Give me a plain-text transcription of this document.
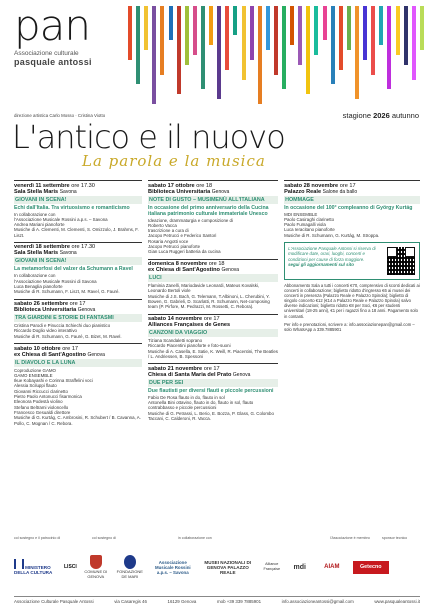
pan
Associazione culturale
pasquale antossi
direzione artistica Carlo Mosso · Cristina Viotto	stagione 2026 autunno
L'antico e il nuovo
La parola e la musica
venerdì 11 settembre ore 17.30
Sala Stella Maris Savona
GIOVANI IN SCENA!
Echi dall'Italia. Tra virtuosismo e romanticismo
In collaborazione con
l'Associazione Musicale Rossini a.p.s. – Savona
Andrea Mariani pianoforte
Musiche di A. Clementi, M. Clementi, S. Omizzolo, J. Brahms, F. Liszt.
venerdì 18 settembre ore 17.30
Sala Stella Maris Savona
GIOVANI IN SCENA!
La metamorfosi del valzer da Schumann a Ravel
In collaborazione con
l'Associazione Musicale Rossini di Savona
Luca Benaglia pianoforte
Musiche di R. Schumann, F. Liszt, M. Ravel, G. Fauré.
sabato 26 settembre ore 17
Biblioteca Universitaria Genova
TRA GIARDINI E STORIE DI FANTASMI
Cristina Parodi e Pinuccia Schiechi duo pianistico
Riccardo Doglio video interattivo
Musiche di R. Schumann, G. Fauré, G. Bizet, M. Ravel.
sabato 10 ottobre ore 17
ex Chiesa di Sant'Agostino Genova
IL DIAVOLO E LA LUNA
Coproduzione GAMO
GAMO ENSEMBLE
Ikue Kobayashi e Corinna Straffelini voci
Alessia Sciluppi flauto
Giovanni Riccucci clarinetto
Pietro Paolo Antonucci fisarmonica
Eleonora Podestà violino
Stefano Beltrami violoncello
Francesco Gesualdi direttore
Musiche di G. Kurtág, C. Ambrosini, R. Schubert / B. Cavanna, A. Pollo, C. Mognan / C. Rebora.
sabato 17 ottobre ore 18
Biblioteca Universitaria Genova
NOTE DI GUSTO – MUSIMENÙ ALL'ITALIANA
In occasione del primo anniversario della Cucina italiana patrimonio culturale immateriale Unesco
Ideazione, drammaturgia e composizione di
Roberto Vacca
trascrizione a cura di
Jacopo Petrucci e Federico Santori
Rosaria Angotti voce
Jacopo Petrucci pianoforte
Gian Luca Ruggeri batteria da cucina
domenica 8 novembre ore 18
ex Chiesa di Sant'Agostino Genova
LUCI
Flaminia Zanelli, Mariodavide Leonardi, Mateus Kovalski, Leonardo Bertoli viole
Musiche di J.S. Bach, G. Telemann, T.Albinoni, L. Cherubini, Y. Bowen, G. Gabrieli, D. Scarlatti, R. Schumann, Net-composing team (P. Pirfore, M. Pedrazzi, M. Rossetti, C. Rebora).
sabato 14 novembre ore 17
Alliances Françaises de Genes
CANZONI DA VIAGGIO
Tiziana Scandaletti soprano
Riccardo Piacentini pianoforte e foto-suoni
Musiche di A. Casella, E. Satie, K. Weill, R. Piacentini, The Beatles / L. Andriessen, B. Spessoni
sabato 21 novembre ore 17
Chiesa di Santa Maria del Prato Genova
DUE PER SEI
Due flautisti per diversi flauti e piccole percussioni
Fabio De Rosa flauto in do, flauto in sol
Antonella Bini ottavino, flauto in do, flauto in sol, flauto contrabbasso e piccole percussioni
Musiche di G. Petrassi, L. Berio, E. Bozza, P. Glass, G. Colombo Taccani, C. Calderoni, R. Vacca.
sabato 28 novembre ore 17
Palazzo Reale Salone da ballo
HOMMAGE
In occasione del 100° compleanno di György Kurtág
MDI ENSEMBLE
Paolo Casiraghi clarinetto
Paolo Fumagalli viola
Luca Ieracitano pianoforte
Musiche di R. Schumann, G. Kurtág, M. Stroppa.
L'Associazione Pasquale Antossi si riserva di modificare date, orari, luoghi, concerti e condizioni per cause di forza maggiore. segui gli aggiornamenti sul sito
Abbonamento Sala a tutti i concerti €70, comprensivo di sconti dedicati ai concerti in collaborazione; biglietto ridotto d'ingresso €6 ai musei dei concerti in presenza (Palazzo Reale e Palazzo Spinola); biglietto di singolo concerto €12 (€14 a Palazzo Reale e Palazzo Spinola) salvo diverse indicazioni; biglietto ridotto €8 per Soci, €6 per studenti universitari (18-25 anni), €1 per i ragazzi fino a 18 anni. Pagamento solo in contanti.
Per info e prenotazioni, scrivere a: info.associazionepan@gmail.com – solo WhatsApp a 339.7885901
col sostegno e il patrocinio di	col sostegno di	in collaborazione con	l'Associazione è membro	sponsor tecnico
MINISTERO DELLA CULTURA
LISCI
COMUNE DI GENOVA
FONDAZIONE DE MARI
Associazione Musicale Rossini a.p.s. – Savona
MUSEI NAZIONALI DI GENOVA PALAZZO REALE
Alliance Française	mdi	AIAM	Getecno
Associazione Culturale Pasquale Antossi	via Casaregis 46	16129 Genova	mob +39 339 7885901	info.associazioneantossi@gmail.com	www.pasqualeantossi.it
